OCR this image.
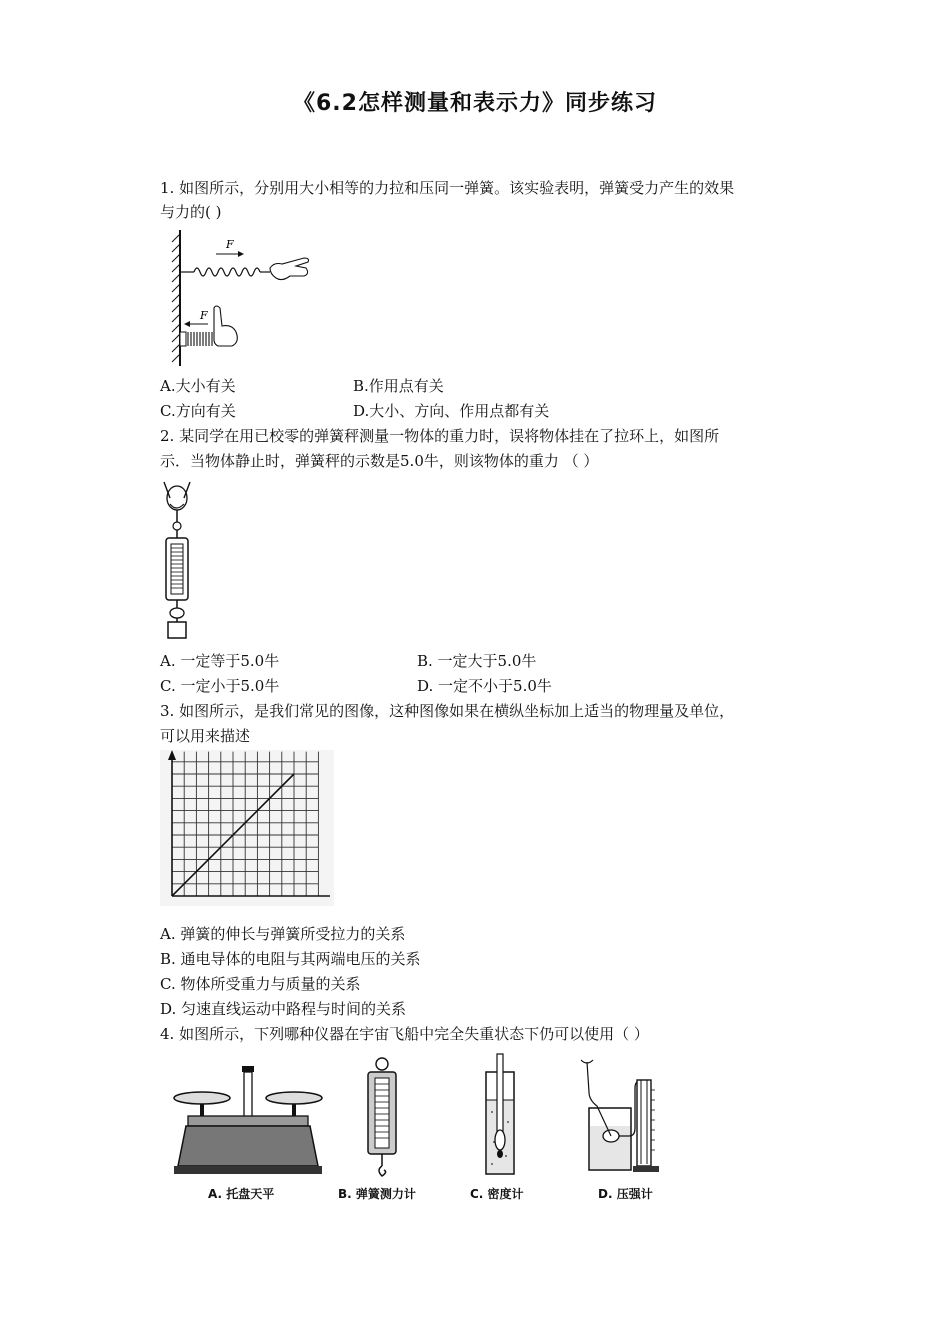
《6.2怎样测量和表示力》同步练习
1. 如图所示，分别用大小相等的力拉和压同一弹簧。该实验表明，弹簧受力产生的效果
与力的( )
F
F
A.大小有关	B.作用点有关
C.方向有关	D.大小、方向、作用点都有关
2. 某同学在用已校零的弹簧秤测量一物体的重力时，误将物体挂在了拉环上，如图所
示．当物体静止时，弹簧秤的示数是5.0牛，则该物体的重力 （ ）
A. 一定等于5.0牛	B. 一定大于5.0牛
C. 一定小于5.0牛	D. 一定不小于5.0牛
3. 如图所示，是我们常见的图像，这种图像如果在横纵坐标加上适当的物理量及单位，
可以用来描述
A. 弹簧的伸长与弹簧所受拉力的关系
B. 通电导体的电阻与其两端电压的关系
C. 物体所受重力与质量的关系
D. 匀速直线运动中路程与时间的关系
4. 如图所示，下列哪种仪器在宇宙飞船中完全失重状态下仍可以使用（ ）
A. 托盘天平	B. 弹簧测力计	C. 密度计	D. 压强计
